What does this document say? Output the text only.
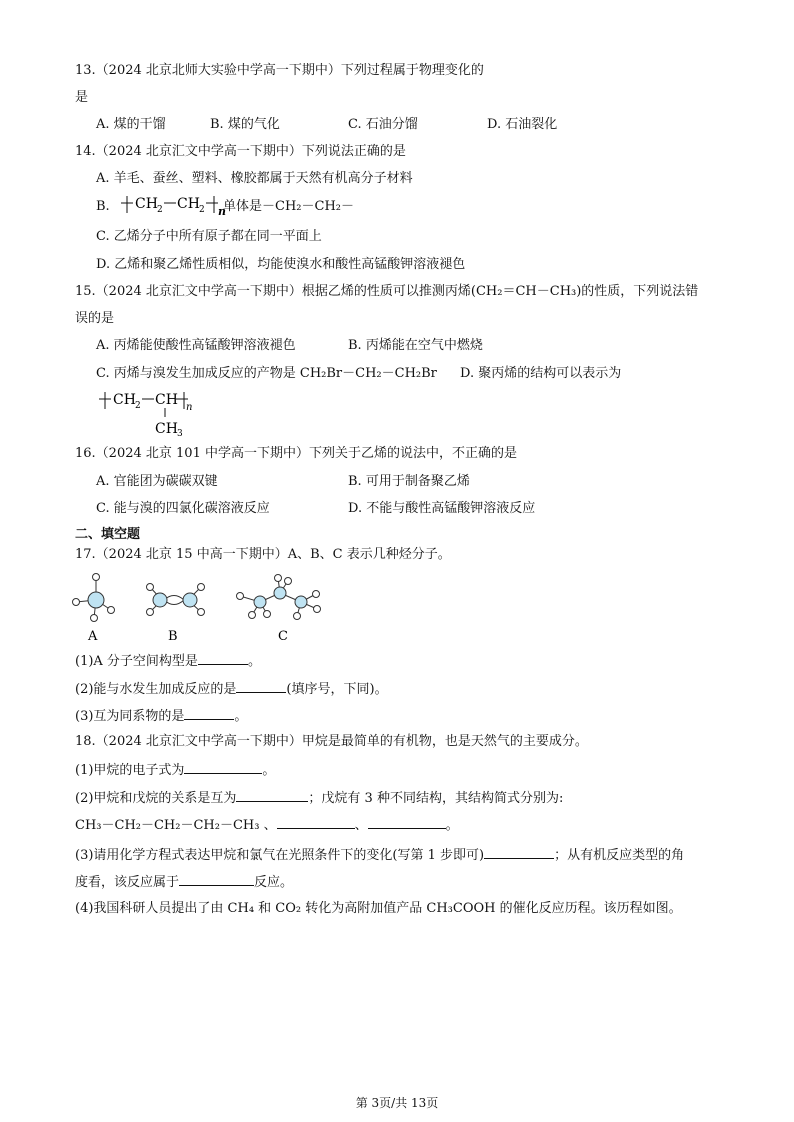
13.（2024 北京北师大实验中学高一下期中）下列过程属于物理变化的
是
A. 煤的干馏	B. 煤的气化	C. 石油分馏	D. 石油裂化
14.（2024 北京汇文中学高一下期中）下列说法正确的是
A. 羊毛、蚕丝、塑料、橡胶都属于天然有机高分子材料
B. CH 2 CH 2 n
单体是－CH₂－CH₂－
C. 乙烯分子中所有原子都在同一平面上
D. 乙烯和聚乙烯性质相似，均能使溴水和酸性高锰酸钾溶液褪色
15.（2024 北京汇文中学高一下期中）根据乙烯的性质可以推测丙烯(CH₂＝CH－CH₃)的性质，下列说法错
误的是
A. 丙烯能使酸性高锰酸钾溶液褪色	B. 丙烯能在空气中燃烧
C. 丙烯与溴发生加成反应的产物是 CH₂Br－CH₂－CH₂Br D. 聚丙烯的结构可以表示为
CH 2 CH n
CH 3
16.（2024 北京 101 中学高一下期中）下列关于乙烯的说法中，不正确的是
A. 官能团为碳碳双键	B. 可用于制备聚乙烯
C. 能与溴的四氯化碳溶液反应	D. 不能与酸性高锰酸钾溶液反应
二、填空题
17.（2024 北京 15 中高一下期中）A、B、C 表示几种烃分子。
A	B	C
(1)A 分子空间构型是	。
(2)能与水发生加成反应的是	(填序号，下同)。
(3)互为同系物的是	。
18.（2024 北京汇文中学高一下期中）甲烷是最简单的有机物，也是天然气的主要成分。
(1)甲烷的电子式为	。
(2)甲烷和戊烷的关系是互为	；戊烷有 3 种不同结构，其结构简式分别为:
CH₃－CH₂－CH₂－CH₂－CH₃ 、	、	。
(3)请用化学方程式表达甲烷和氯气在光照条件下的变化(写第 1 步即可)	；从有机反应类型的角
度看，该反应属于	反应。
(4)我国科研人员提出了由 CH₄ 和 CO₂ 转化为高附加值产品 CH₃COOH 的催化反应历程。该历程如图。
第 3页/共 13页
